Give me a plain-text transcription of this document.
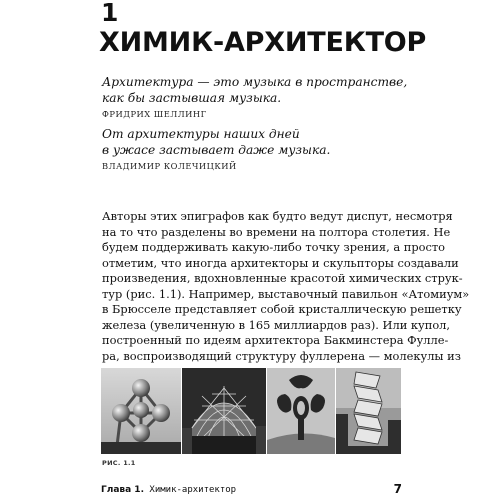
1
ХИМИК-АРХИТЕКТОР
Архитектура — это музыка в пространстве,
как бы застывшая музыка.
ФРИДРИХ ШЕЛЛИНГ
От архитектуры наших дней
в ужасе застывает даже музыка.
ВЛАДИМИР КОЛЕЧИЦКИЙ
Авторы этих эпиграфов как будто ведут диспут, несмотря
на то что разделены во времени на полтора столетия. Не
будем поддерживать какую-либо точку зрения, а просто
отметим, что иногда архитекторы и скульпторы создавали
произведения, вдохновленные красотой химических струк-
тур (рис. 1.1). Например, выставочный павильон «Атомиум»
в Брюсселе представляет собой кристаллическую решетку
железа (увеличенную в 165 миллиардов раз). Или купол,
построенный по идеям архитектора Бакминстера Фулле-
ра, воспроизводящий структуру фуллерена — молекулы из
РИС. 1.1
Глава 1. Химик-архитектор	7
